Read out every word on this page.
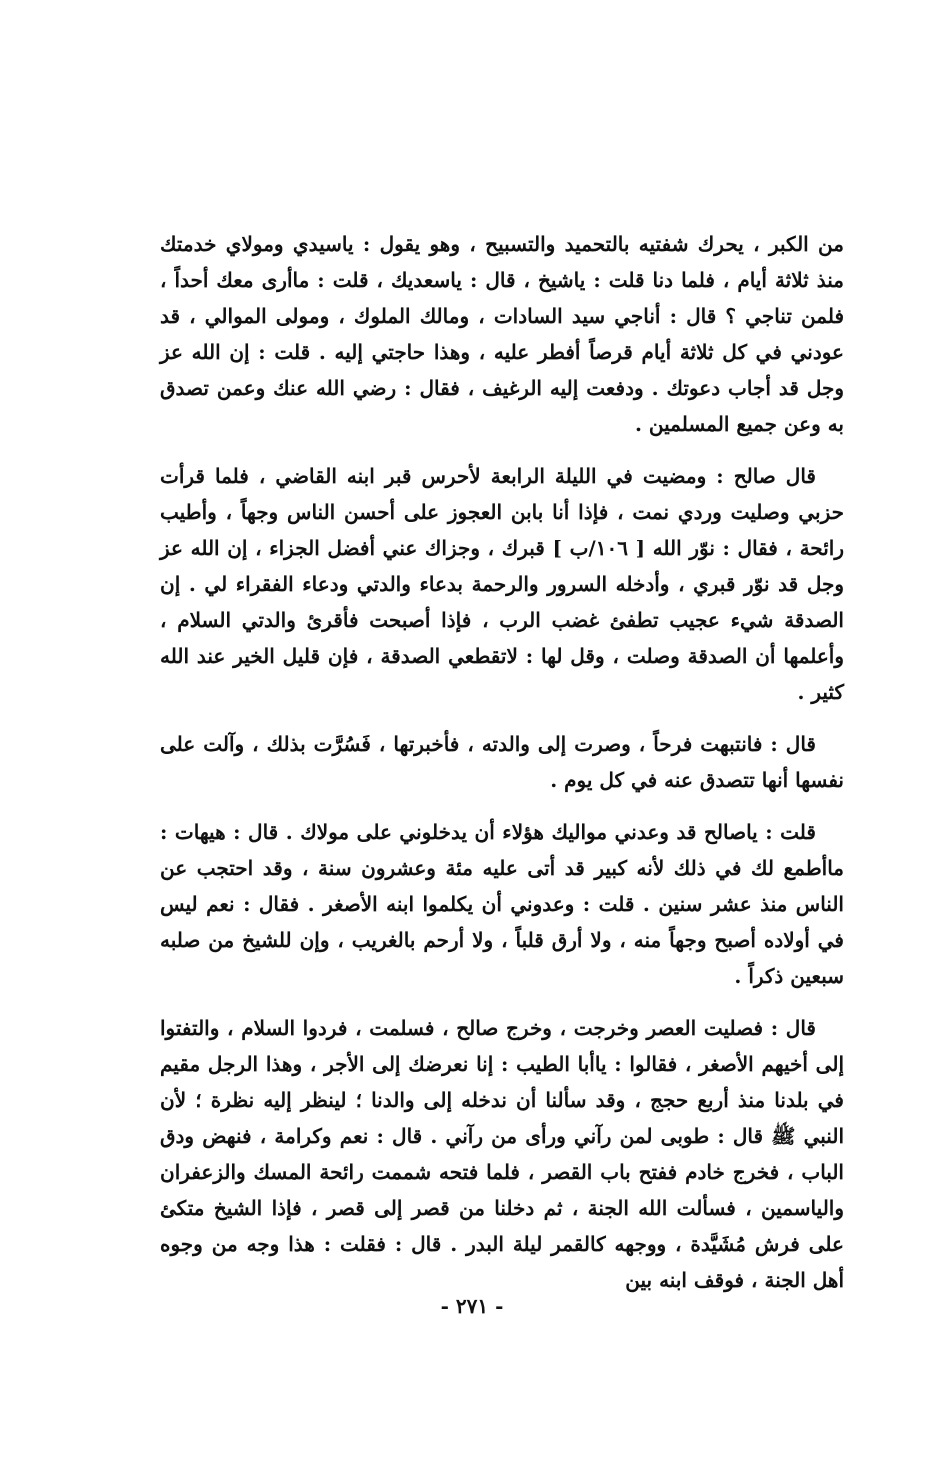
من الكبر ، يحرك شفتيه بالتحميد والتسبيح ، وهو يقول : ياسيدي ومولاي خدمتك منذ ثلاثة أيام ، فلما دنا قلت : ياشيخ ، قال : ياسعديك ، قلت : ماأرى معك أحداً ، فلمن تناجي ؟ قال : أناجي سيد السادات ، ومالك الملوك ، ومولى الموالي ، قد عودني في كل ثلاثة أيام قرصاً أفطر عليه ، وهذا حاجتي إليه . قلت : إن الله عز وجل قد أجاب دعوتك . ودفعت إليه الرغيف ، فقال : رضي الله عنك وعمن تصدق به وعن جميع المسلمين .

قال صالح : ومضيت في الليلة الرابعة لأحرس قبر ابنه القاضي ، فلما قرأت حزبي وصليت وردي نمت ، فإذا أنا بابن العجوز على أحسن الناس وجهاً ، وأطيب رائحة ، فقال : نوّر الله [ ١٠٦/ب ] قبرك ، وجزاك عني أفضل الجزاء ، إن الله عز وجل قد نوّر قبري ، وأدخله السرور والرحمة بدعاء والدتي ودعاء الفقراء لي . إن الصدقة شيء عجيب تطفئ غضب الرب ، فإذا أصبحت فأقرئ والدتي السلام ، وأعلمها أن الصدقة وصلت ، وقل لها : لاتقطعي الصدقة ، فإن قليل الخير عند الله كثير .

قال : فانتبهت فرحاً ، وصرت إلى والدته ، فأخبرتها ، فَسُرَّت بذلك ، وآلت على نفسها أنها تتصدق عنه في كل يوم .

قلت : ياصالح قد وعدني مواليك هؤلاء أن يدخلوني على مولاك . قال : هيهات : ماأطمع لك في ذلك لأنه كبير قد أتى عليه مئة وعشرون سنة ، وقد احتجب عن الناس منذ عشر سنين . قلت : وعدوني أن يكلموا ابنه الأصغر . فقال : نعم ليس في أولاده أصبح وجهاً منه ، ولا أرق قلباً ، ولا أرحم بالغريب ، وإن للشيخ من صلبه سبعين ذكراً .

قال : فصليت العصر وخرجت ، وخرج صالح ، فسلمت ، فردوا السلام ، والتفتوا إلى أخيهم الأصغر ، فقالوا : ياأبا الطيب : إنا نعرضك إلى الأجر ، وهذا الرجل مقيم في بلدنا منذ أربع حجج ، وقد سألنا أن ندخله إلى والدنا ؛ لينظر إليه نظرة ؛ لأن النبي ﷺ قال : طوبى لمن رآني ورأى من رآني . قال : نعم وكرامة ، فنهض ودق الباب ، فخرج خادم ففتح باب القصر ، فلما فتحه شممت رائحة المسك والزعفران والياسمين ، فسألت الله الجنة ، ثم دخلنا من قصر إلى قصر ، فإذا الشيخ متكئ على فرش مُشَيَّدة ، ووجهه كالقمر ليلة البدر . قال : فقلت : هذا وجه من وجوه أهل الجنة ، فوقف ابنه بين

- ٢٧١ -
